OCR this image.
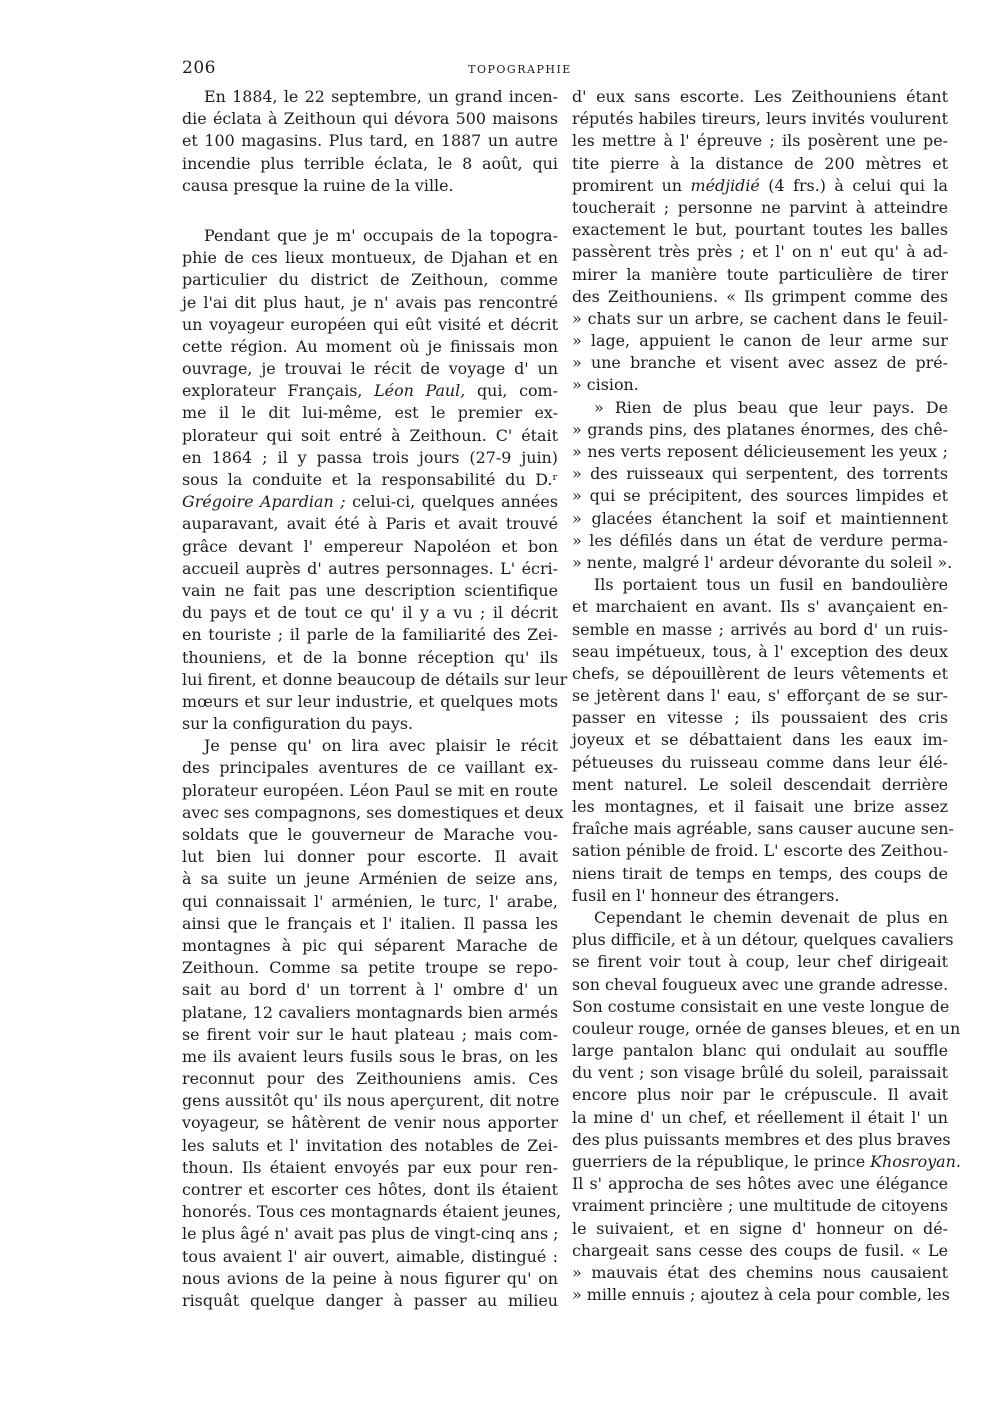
206	TOPOGRAPHIE
En 1884, le 22 septembre, un grand incen-
die éclata à Zeithoun qui dévora 500 maisons
et 100 magasins. Plus tard, en 1887 un autre
incendie plus terrible éclata, le 8 août, qui
causa presque la ruine de la ville.
Pendant que je m' occupais de la topogra-
phie de ces lieux montueux, de Djahan et en
particulier du district de Zeithoun, comme
je l'ai dit plus haut, je n' avais pas rencontré
un voyageur européen qui eût visité et décrit
cette région. Au moment où je finissais mon
ouvrage, je trouvai le récit de voyage d' un
explorateur Français, Léon Paul, qui, com-
me il le dit lui-même, est le premier ex-
plorateur qui soit entré à Zeithoun. C' était
en 1864 ; il y passa trois jours (27-9 juin)
sous la conduite et la responsabilité du D.ʳ
Grégoire Apardian ; celui-ci, quelques années
auparavant, avait été à Paris et avait trouvé
grâce devant l' empereur Napoléon et bon
accueil auprès d' autres personnages. L' écri-
vain ne fait pas une description scientifique
du pays et de tout ce qu' il y a vu ; il décrit
en touriste ; il parle de la familiarité des Zei-
thouniens, et de la bonne réception qu' ils
lui firent, et donne beaucoup de détails sur leur
mœurs et sur leur industrie, et quelques mots
sur la configuration du pays.
Je pense qu' on lira avec plaisir le récit
des principales aventures de ce vaillant ex-
plorateur européen. Léon Paul se mit en route
avec ses compagnons, ses domestiques et deux
soldats que le gouverneur de Marache vou-
lut bien lui donner pour escorte. Il avait
à sa suite un jeune Arménien de seize ans,
qui connaissait l' arménien, le turc, l' arabe,
ainsi que le français et l' italien. Il passa les
montagnes à pic qui séparent Marache de
Zeithoun. Comme sa petite troupe se repo-
sait au bord d' un torrent à l' ombre d' un
platane, 12 cavaliers montagnards bien armés
se firent voir sur le haut plateau ; mais com-
me ils avaient leurs fusils sous le bras, on les
reconnut pour des Zeithouniens amis. Ces
gens aussitôt qu' ils nous aperçurent, dit notre
voyageur, se hâtèrent de venir nous apporter
les saluts et l' invitation des notables de Zei-
thoun. Ils étaient envoyés par eux pour ren-
contrer et escorter ces hôtes, dont ils étaient
honorés. Tous ces montagnards étaient jeunes,
le plus âgé n' avait pas plus de vingt-cinq ans ;
tous avaient l' air ouvert, aimable, distingué :
nous avions de la peine à nous figurer qu' on
risquât quelque danger à passer au milieu
d' eux sans escorte. Les Zeithouniens étant
réputés habiles tireurs, leurs invités voulurent
les mettre à l' épreuve ; ils posèrent une pe-
tite pierre à la distance de 200 mètres et
promirent un médjidié (4 frs.) à celui qui la
toucherait ; personne ne parvint à atteindre
exactement le but, pourtant toutes les balles
passèrent très près ; et l' on n' eut qu' à ad-
mirer la manière toute particulière de tirer
des Zeithouniens. « Ils grimpent comme des
» chats sur un arbre, se cachent dans le feuil-
» lage, appuient le canon de leur arme sur
» une branche et visent avec assez de pré-
» cision.
» Rien de plus beau que leur pays. De
» grands pins, des platanes énormes, des chê-
» nes verts reposent délicieusement les yeux ;
» des ruisseaux qui serpentent, des torrents
» qui se précipitent, des sources limpides et
» glacées étanchent la soif et maintiennent
» les défilés dans un état de verdure perma-
» nente, malgré l' ardeur dévorante du soleil ».
Ils portaient tous un fusil en bandoulière
et marchaient en avant. Ils s' avançaient en-
semble en masse ; arrivés au bord d' un ruis-
seau impétueux, tous, à l' exception des deux
chefs, se dépouillèrent de leurs vêtements et
se jetèrent dans l' eau, s' efforçant de se sur-
passer en vitesse ; ils poussaient des cris
joyeux et se débattaient dans les eaux im-
pétueuses du ruisseau comme dans leur élé-
ment naturel. Le soleil descendait derrière
les montagnes, et il faisait une brize assez
fraîche mais agréable, sans causer aucune sen-
sation pénible de froid. L' escorte des Zeithou-
niens tirait de temps en temps, des coups de
fusil en l' honneur des étrangers.
Cependant le chemin devenait de plus en
plus difficile, et à un détour, quelques cavaliers
se firent voir tout à coup, leur chef dirigeait
son cheval fougueux avec une grande adresse.
Son costume consistait en une veste longue de
couleur rouge, ornée de ganses bleues, et en un
large pantalon blanc qui ondulait au souffle
du vent ; son visage brûlé du soleil, paraissait
encore plus noir par le crépuscule. Il avait
la mine d' un chef, et réellement il était l' un
des plus puissants membres et des plus braves
guerriers de la république, le prince Khosroyan.
Il s' approcha de ses hôtes avec une élégance
vraiment princière ; une multitude de citoyens
le suivaient, et en signe d' honneur on dé-
chargeait sans cesse des coups de fusil. « Le
» mauvais état des chemins nous causaient
» mille ennuis ; ajoutez à cela pour comble, les
